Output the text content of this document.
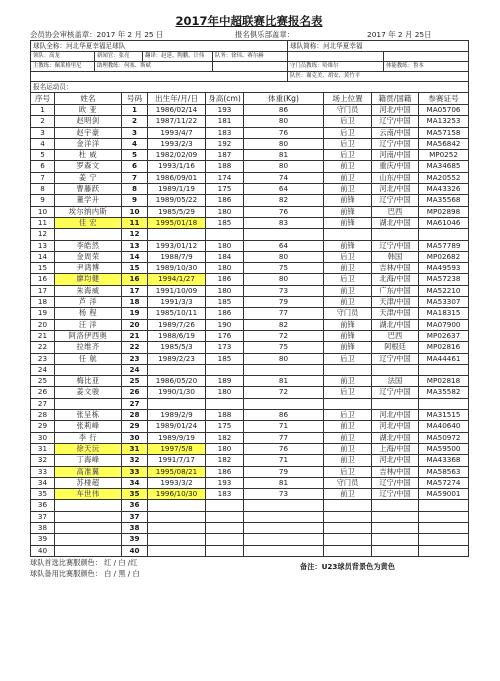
2017年中超联赛比赛报名表
会员协会审核盖章：2017 年 2 月 25 日	报名俱乐部盖章：	2017 年 2 月 25日
球队全称：河北华夏幸福足球队				球队简称：河北华夏幸福	
领队：高龙	新闻官：张亮	翻译：赵延、陶鹏、计伟	队务：徐玮、赛尔赫		
主教练：佩莱格里尼	助理教练：何塞、斯斌			守门员教练：哈维尔	体能教练：鲁本
				队医：谢克美、胡安、黄竹平	
报名运动员：					
序号	姓名	号码	出生年/月/日	身高(cm)	体重(Kg)	场上位置	籍贯/国籍	参赛证号
1	欧 亚	1	1986/02/14	193	86	守门员	河北/中国	MA05706
2	赵明剑	2	1987/11/22	181	80	后卫	辽宁/中国	MA13253
3	赵宇豪	3	1993/4/7	183	76	后卫	云南/中国	MA57158
4	金洋洋	4	1993/2/3	192	80	后卫	辽宁/中国	MA56842
5	杜 威	5	1982/02/09	187	81	后卫	河南/中国	MP0252
6	罗森文	6	1993/1/16	188	80	前卫	重庆/中国	MA34685
7	姜 宁	7	1986/09/01	174	74	前卫	山东/中国	MA20552
8	曹藤跃	8	1989/1/19	175	64	前卫	河北/中国	MA43326
9	董学升	9	1989/05/22	186	82	前锋	辽宁/中国	MA35568
10	埃尔纳内斯	10	1985/5/29	180	76	前锋	巴西	MP02898
11	佳 宏	11	1995/01/18	185	83	前锋	湖北/中国	MA61046
12		12						
13	李皓然	13	1993/01/12	180	64	前锋	辽宁/中国	MA57789
14	金周荣	14	1988/7/9	184	80	后卫	韩国	MP02682
15	尹鸿博	15	1989/10/30	180	75	前卫	吉林/中国	MA49593
16	廖均健	16	1994/1/27	186	80	后卫	北海/中国	MA57238
17	朱海威	17	1991/10/09	180	73	前卫	广东/中国	MA52210
18	芦 洋	18	1991/3/3	185	79	前卫	天津/中国	MA53307
19	杨 程	19	1985/10/11	186	77	守门员	天津/中国	MA18315
20	汪 洋	20	1989/7/26	190	82	前锋	湖北/中国	MA07900
21	阿洛伊西奥	21	1988/6/19	176	72	前锋	巴西	MP02637
22	拉维齐	22	1985/5/3	173	75	前锋	阿根廷	MP02816
23	任 航	23	1989/2/23	185	80	后卫	辽宁/中国	MA44461
24		24						
25	梅比亚	25	1986/05/20	189	81	前卫	法国	MP02818
26	姜文骏	26	1990/1/30	180	72	后卫	辽宁/中国	MA35582
27		27						
28	张呈栋	28	1989/2/9	188	86	后卫	河北/中国	MA31515
29	张莉峰	29	1989/01/24	175	71	前卫	河北/中国	MA40640
30	李 行	30	1989/9/19	182	77	前卫	湖北/中国	MA50972
31	徐天沅	31	1997/5/8	180	76	前卫	上海/中国	MA59500
32	丁海峰	32	1991/7/17	182	71	前卫	河北/中国	MA43368
33	高准翼	33	1995/08/21	186	79	后卫	吉林/中国	MA58563
34	苏椪超	34	1993/3/2	193	81	守门员	辽宁/中国	MA57274
35	车世伟	35	1996/10/30	183	73	前卫	辽宁/中国	MA59001
36		36						
37		37						
38		38						
39		39						
40		40						
球队首选比赛服颜色： 红 / 白 /红	备注：U23球员背景色为黄色
球队备用比赛服颜色： 白 / 黑 / 白
